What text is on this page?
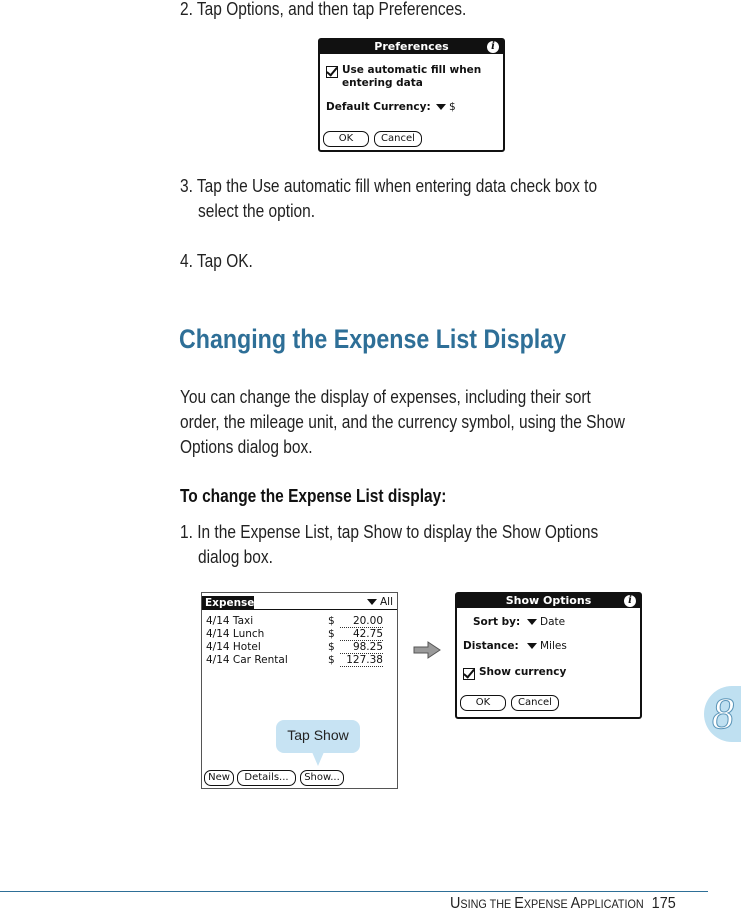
2. Tap Options, and then tap Preferences.
Preferences	i
Use automatic fill when
entering data
Default Currency:	$
OK	Cancel
3. Tap the Use automatic fill when entering data check box to
select the option.
4. Tap OK.
Changing the Expense List Display
You can change the display of expenses, including their sort
order, the mileage unit, and the currency symbol, using the Show
Options dialog box.
To change the Expense List display:
1. In the Expense List, tap Show to display the Show Options
dialog box.
Expense	All
4/14 Taxi	$	20.00
4/14 Lunch	$	42.75
4/14 Hotel	$	98.25
4/14 Car Rental	$	127.38
New	Details...	Show...
Tap Show
Show Options	i
Sort by:	Date
Distance:	Miles
Show currency
OK	Cancel	8
USING THE EXPENSE APPLICATION 175
